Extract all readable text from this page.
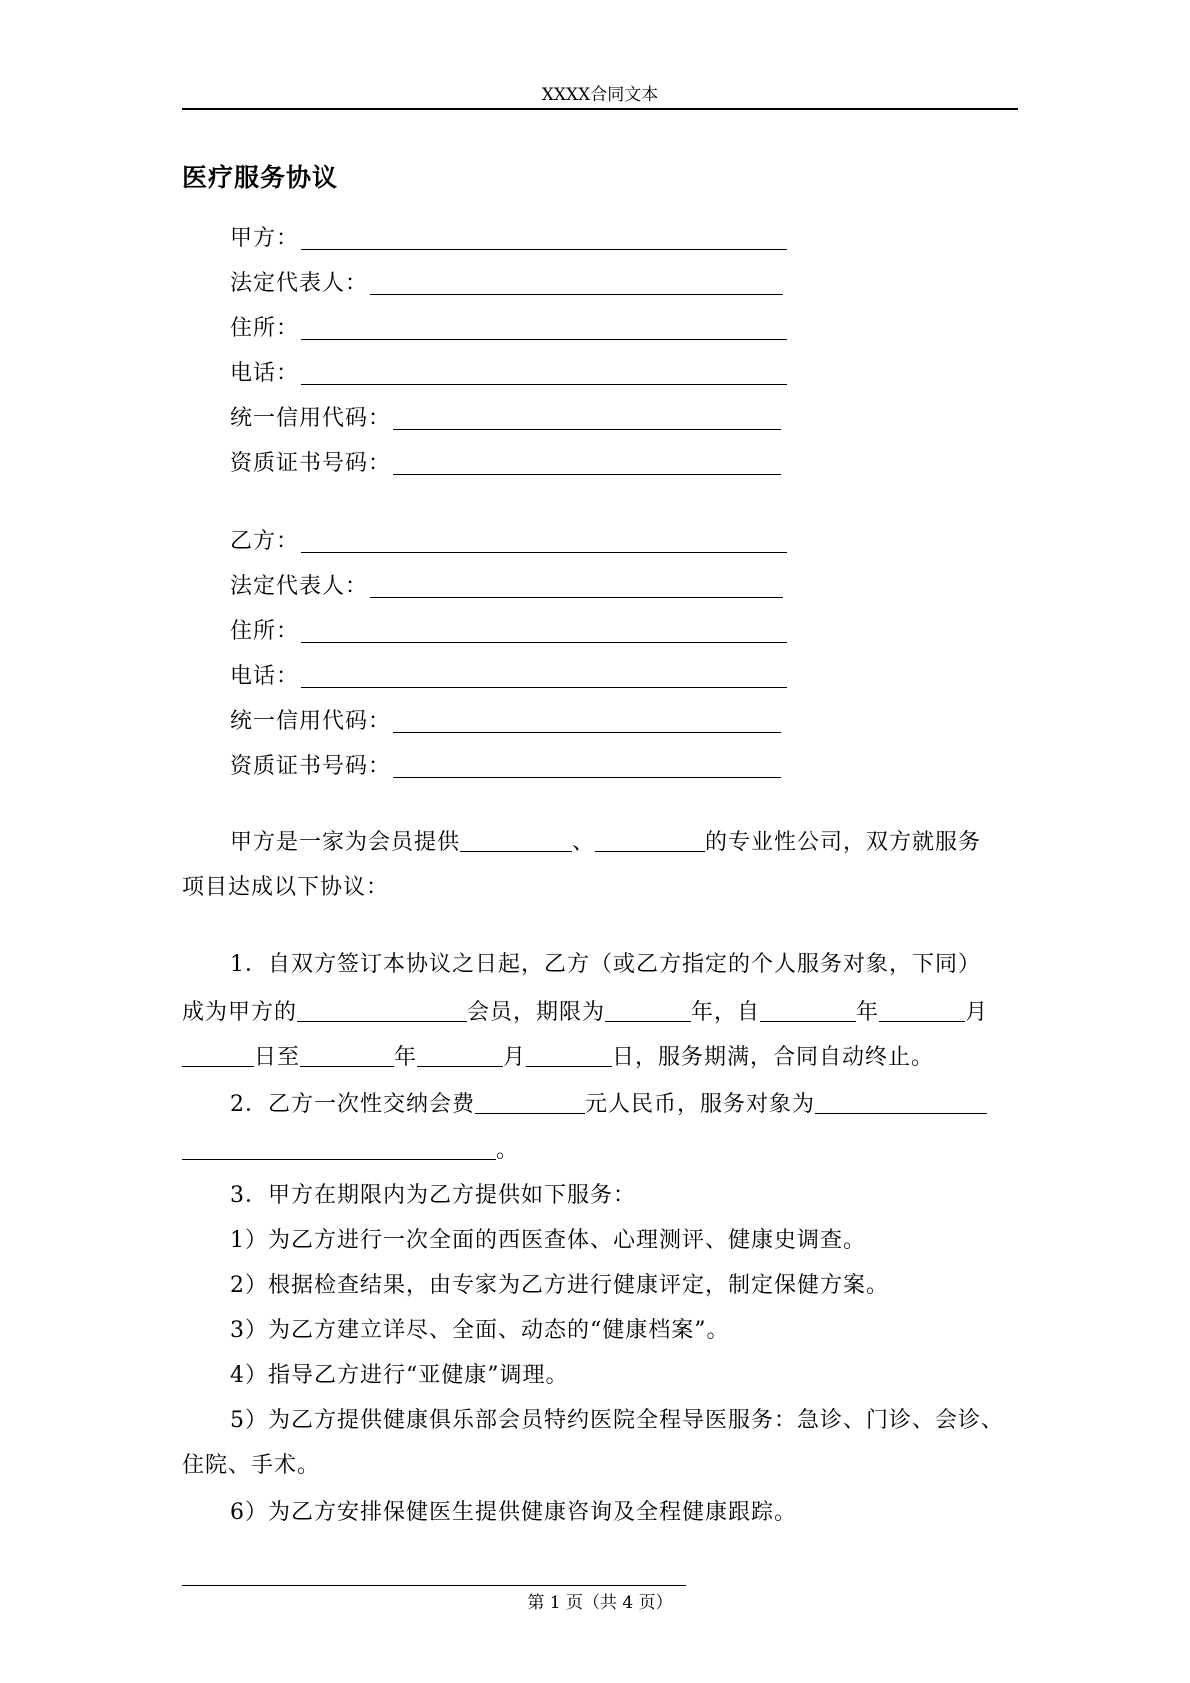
XXXX合同文本
医疗服务协议
甲方：
法定代表人：
住所：
电话：
统一信用代码：
资质证书号码：
乙方：
法定代表人：
住所：
电话：
统一信用代码：
资质证书号码：
甲方是一家为会员提供	、	的专业性公司，双方就服务
项目达成以下协议：
1．自双方签订本协议之日起，乙方（或乙方指定的个人服务对象，下同）
成为甲方的	会员，期限为	年，自	年	月
日至	年	月	日，服务期满，合同自动终止。
2．乙方一次性交纳会费	元人民币，服务对象为
。
3．甲方在期限内为乙方提供如下服务：
1）为乙方进行一次全面的西医查体、心理测评、健康史调查。
2）根据检查结果，由专家为乙方进行健康评定，制定保健方案。
3）为乙方建立详尽、全面、动态的“健康档案”。
4）指导乙方进行“亚健康”调理。
5）为乙方提供健康俱乐部会员特约医院全程导医服务：急诊、门诊、会诊、
住院、手术。
6）为乙方安排保健医生提供健康咨询及全程健康跟踪。
第 1 页（共 4 页）
